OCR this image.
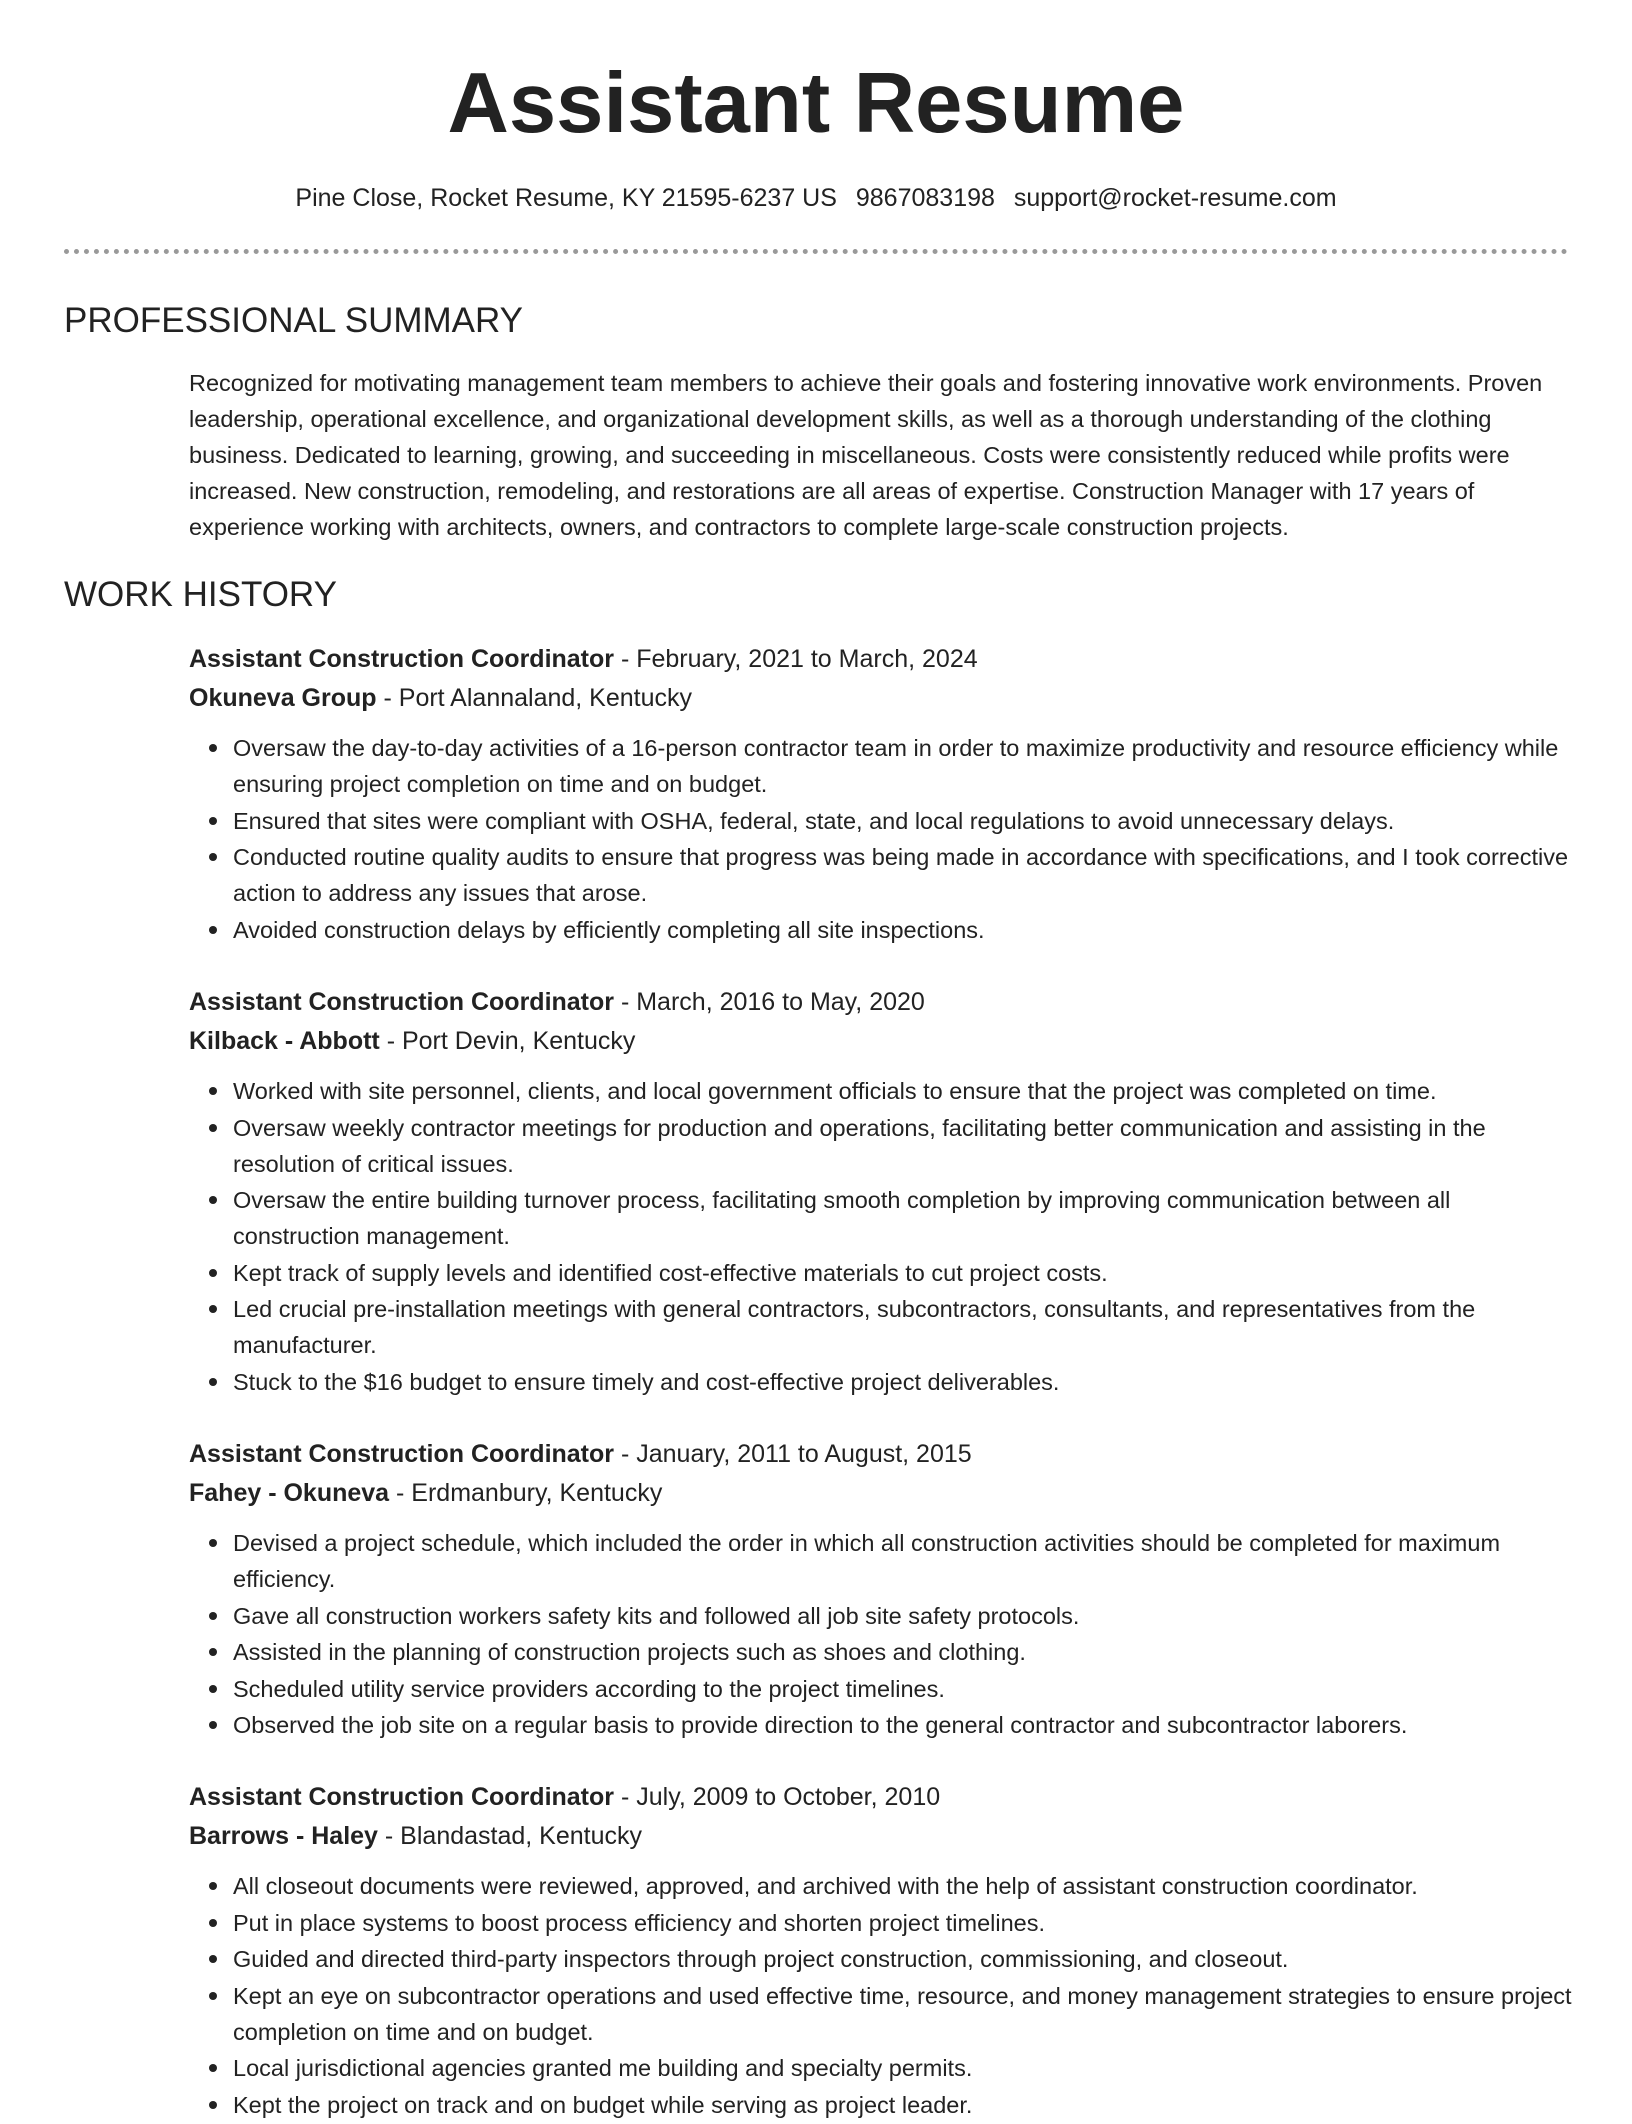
Assistant Resume
Pine Close, Rocket Resume, KY 21595-6237 US 9867083198 support@rocket-resume.com
PROFESSIONAL SUMMARY
Recognized for motivating management team members to achieve their goals and fostering innovative work environments. Proven leadership, operational excellence, and organizational development skills, as well as a thorough understanding of the clothing business. Dedicated to learning, growing, and succeeding in miscellaneous. Costs were consistently reduced while profits were increased. New construction, remodeling, and restorations are all areas of expertise. Construction Manager with 17 years of experience working with architects, owners, and contractors to complete large-scale construction projects.
WORK HISTORY
Assistant Construction Coordinator - February, 2021 to March, 2024
Okuneva Group - Port Alannaland, Kentucky
Oversaw the day-to-day activities of a 16-person contractor team in order to maximize productivity and resource efficiency while ensuring project completion on time and on budget.
Ensured that sites were compliant with OSHA, federal, state, and local regulations to avoid unnecessary delays.
Conducted routine quality audits to ensure that progress was being made in accordance with specifications, and I took corrective action to address any issues that arose.
Avoided construction delays by efficiently completing all site inspections.
Assistant Construction Coordinator - March, 2016 to May, 2020
Kilback - Abbott - Port Devin, Kentucky
Worked with site personnel, clients, and local government officials to ensure that the project was completed on time.
Oversaw weekly contractor meetings for production and operations, facilitating better communication and assisting in the resolution of critical issues.
Oversaw the entire building turnover process, facilitating smooth completion by improving communication between all construction management.
Kept track of supply levels and identified cost-effective materials to cut project costs.
Led crucial pre-installation meetings with general contractors, subcontractors, consultants, and representatives from the manufacturer.
Stuck to the $16 budget to ensure timely and cost-effective project deliverables.
Assistant Construction Coordinator - January, 2011 to August, 2015
Fahey - Okuneva - Erdmanbury, Kentucky
Devised a project schedule, which included the order in which all construction activities should be completed for maximum efficiency.
Gave all construction workers safety kits and followed all job site safety protocols.
Assisted in the planning of construction projects such as shoes and clothing.
Scheduled utility service providers according to the project timelines.
Observed the job site on a regular basis to provide direction to the general contractor and subcontractor laborers.
Assistant Construction Coordinator - July, 2009 to October, 2010
Barrows - Haley - Blandastad, Kentucky
All closeout documents were reviewed, approved, and archived with the help of assistant construction coordinator.
Put in place systems to boost process efficiency and shorten project timelines.
Guided and directed third-party inspectors through project construction, commissioning, and closeout.
Kept an eye on subcontractor operations and used effective time, resource, and money management strategies to ensure project completion on time and on budget.
Local jurisdictional agencies granted me building and specialty permits.
Kept the project on track and on budget while serving as project leader.
